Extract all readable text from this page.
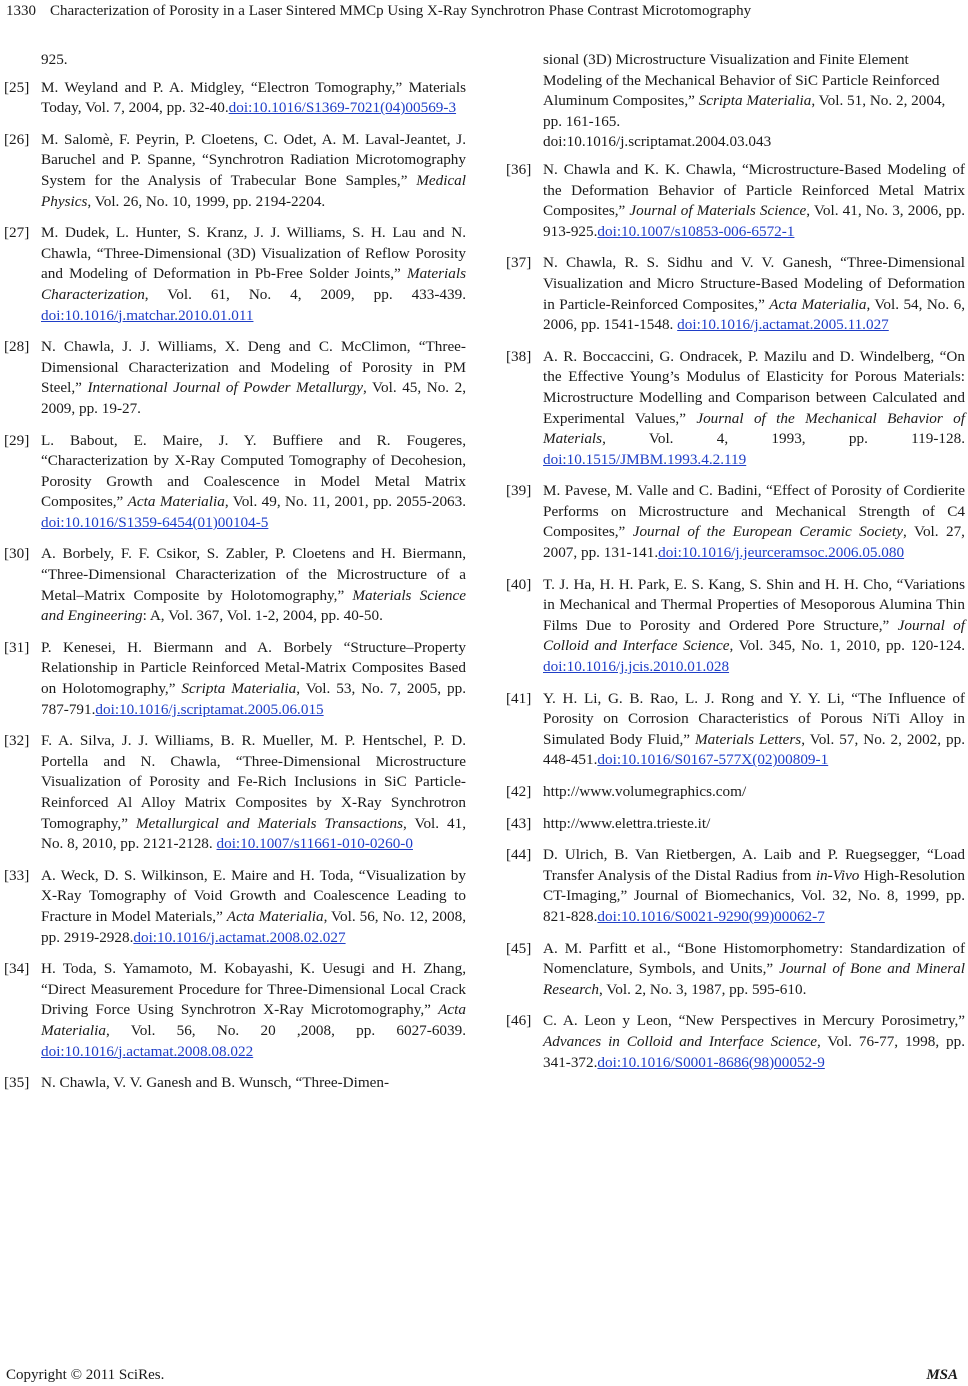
1330 Characterization of Porosity in a Laser Sintered MMCp Using X-Ray Synchrotron Phase Contrast Microtomography
925.
[25] M. Weyland and P. A. Midgley, “Electron Tomography,” Materials Today, Vol. 7, 2004, pp. 32-40.doi:10.1016/S1369-7021(04)00569-3
[26] M. Salomè, F. Peyrin, P. Cloetens, C. Odet, A. M. Laval-Jeantet, J. Baruchel and P. Spanne, “Synchrotron Radiation Microtomography System for the Analysis of Trabecular Bone Samples,” Medical Physics, Vol. 26, No. 10, 1999, pp. 2194-2204.
[27] M. Dudek, L. Hunter, S. Kranz, J. J. Williams, S. H. Lau and N. Chawla, “Three-Dimensional (3D) Visualization of Reflow Porosity and Modeling of Deformation in Pb-Free Solder Joints,” Materials Characterization, Vol. 61, No. 4, 2009, pp. 433-439.doi:10.1016/j.matchar.2010.01.011
[28] N. Chawla, J. J. Williams, X. Deng and C. McClimon, “Three-Dimensional Characterization and Modeling of Porosity in PM Steel,” International Journal of Powder Metallurgy, Vol. 45, No. 2, 2009, pp. 19-27.
[29] L. Babout, E. Maire, J. Y. Buffiere and R. Fougeres, “Characterization by X-Ray Computed Tomography of Decohesion, Porosity Growth and Coalescence in Model Metal Matrix Composites,” Acta Materialia, Vol. 49, No. 11, 2001, pp. 2055-2063.doi:10.1016/S1359-6454(01)00104-5
[30] A. Borbely, F. F. Csikor, S. Zabler, P. Cloetens and H. Biermann, “Three-Dimensional Characterization of the Microstructure of a Metal–Matrix Composite by Holotomography,” Materials Science and Engineering: A, Vol. 367, Vol. 1-2, 2004, pp. 40-50.
[31] P. Kenesei, H. Biermann and A. Borbely “Structure–Property Relationship in Particle Reinforced Metal-Matrix Composites Based on Holotomography,” Scripta Materialia, Vol. 53, No. 7, 2005, pp. 787-791.doi:10.1016/j.scriptamat.2005.06.015
[32] F. A. Silva, J. J. Williams, B. R. Mueller, M. P. Hentschel, P. D. Portella and N. Chawla, “Three-Dimensional Microstructure Visualization of Porosity and Fe-Rich Inclusions in SiC Particle-Reinforced Al Alloy Matrix Composites by X-Ray Synchrotron Tomography,” Metallurgical and Materials Transactions, Vol. 41, No. 8, 2010, pp. 2121-2128. doi:10.1007/s11661-010-0260-0
[33] A. Weck, D. S. Wilkinson, E. Maire and H. Toda, “Visualization by X-Ray Tomography of Void Growth and Coalescence Leading to Fracture in Model Materials,” Acta Materialia, Vol. 56, No. 12, 2008, pp. 2919-2928.doi:10.1016/j.actamat.2008.02.027
[34] H. Toda, S. Yamamoto, M. Kobayashi, K. Uesugi and H. Zhang, “Direct Measurement Procedure for Three-Dimensional Local Crack Driving Force Using Synchrotron X-Ray Microtomography,” Acta Materialia, Vol. 56, No. 20 ,2008, pp. 6027-6039.doi:10.1016/j.actamat.2008.08.022
[35] N. Chawla, V. V. Ganesh and B. Wunsch, “Three-Dimen-
sional (3D) Microstructure Visualization and Finite Element Modeling of the Mechanical Behavior of SiC Particle Reinforced Aluminum Composites,” Scripta Materialia, Vol. 51, No. 2, 2004, pp. 161-165.
doi:10.1016/j.scriptamat.2004.03.043
[36] N. Chawla and K. K. Chawla, “Microstructure-Based Modeling of the Deformation Behavior of Particle Reinforced Metal Matrix Composites,” Journal of Materials Science, Vol. 41, No. 3, 2006, pp. 913-925.doi:10.1007/s10853-006-6572-1
[37] N. Chawla, R. S. Sidhu and V. V. Ganesh, “Three-Dimensional Visualization and Micro Structure-Based Modeling of Deformation in Particle-Reinforced Composites,” Acta Materialia, Vol. 54, No. 6, 2006, pp. 1541-1548. doi:10.1016/j.actamat.2005.11.027
[38] A. R. Boccaccini, G. Ondracek, P. Mazilu and D. Windelberg, “On the Effective Young’s Modulus of Elasticity for Porous Materials: Microstructure Modelling and Comparison between Calculated and Experimental Values,” Journal of the Mechanical Behavior of Materials, Vol. 4, 1993, pp. 119-128.doi:10.1515/JMBM.1993.4.2.119
[39] M. Pavese, M. Valle and C. Badini, “Effect of Porosity of Cordierite Performs on Microstructure and Mechanical Strength of C4 Composites,” Journal of the European Ceramic Society, Vol. 27, 2007, pp. 131-141.doi:10.1016/j.jeurceramsoc.2006.05.080
[40] T. J. Ha, H. H. Park, E. S. Kang, S. Shin and H. H. Cho, “Variations in Mechanical and Thermal Properties of Mesoporous Alumina Thin Films Due to Porosity and Ordered Pore Structure,” Journal of Colloid and Interface Science, Vol. 345, No. 1, 2010, pp. 120-124.doi:10.1016/j.jcis.2010.01.028
[41] Y. H. Li, G. B. Rao, L. J. Rong and Y. Y. Li, “The Influence of Porosity on Corrosion Characteristics of Porous NiTi Alloy in Simulated Body Fluid,” Materials Letters, Vol. 57, No. 2, 2002, pp. 448-451.doi:10.1016/S0167-577X(02)00809-1
[42] http://www.volumegraphics.com/
[43] http://www.elettra.trieste.it/
[44] D. Ulrich, B. Van Rietbergen, A. Laib and P. Ruegsegger, “Load Transfer Analysis of the Distal Radius from in-Vivo High-Resolution CT-Imaging,” Journal of Biomechanics, Vol. 32, No. 8, 1999, pp. 821-828.doi:10.1016/S0021-9290(99)00062-7
[45] A. M. Parfitt et al., “Bone Histomorphometry: Standardization of Nomenclature, Symbols, and Units,” Journal of Bone and Mineral Research, Vol. 2, No. 3, 1987, pp. 595-610.
[46] C. A. Leon y Leon, “New Perspectives in Mercury Porosimetry,” Advances in Colloid and Interface Science, Vol. 76-77, 1998, pp. 341-372.doi:10.1016/S0001-8686(98)00052-9
Copyright © 2011 SciRes.	MSA
